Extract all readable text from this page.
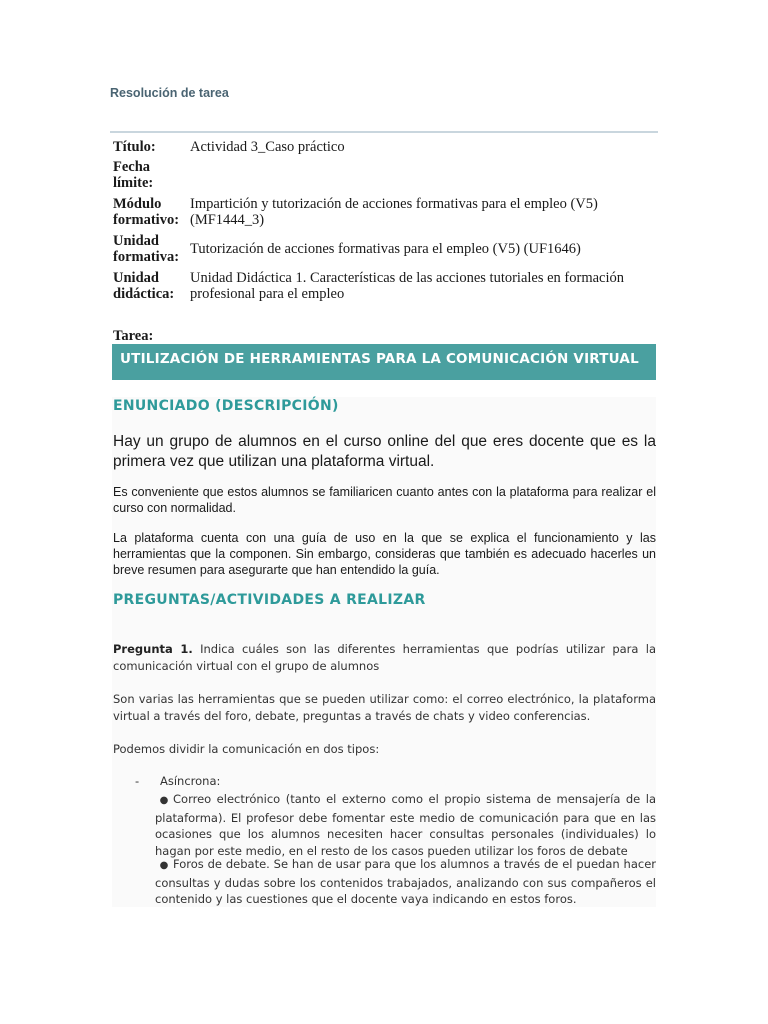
Resolución de tarea
Título:	Actividad 3_Caso práctico
Fecha límite:
Módulo formativo:
Impartición y tutorización de acciones formativas para el empleo (V5) (MF1444_3)
Unidad formativa: Tutorización de acciones formativas para el empleo (V5) (UF1646)
Unidad didáctica:
Unidad Didáctica 1. Características de las acciones tutoriales en formación profesional para el empleo
Tarea:
UTILIZACIÓN DE HERRAMIENTAS PARA LA COMUNICACIÓN VIRTUAL
ENUNCIADO (DESCRIPCIÓN)
Hay un grupo de alumnos en el curso online del que eres docente que es la primera vez que utilizan una plataforma virtual.
Es conveniente que estos alumnos se familiaricen cuanto antes con la plataforma para realizar el curso con normalidad.
La plataforma cuenta con una guía de uso en la que se explica el funcionamiento y las herramientas que la componen. Sin embargo, consideras que también es adecuado hacerles un breve resumen para asegurarte que han entendido la guía.
PREGUNTAS/ACTIVIDADES A REALIZAR
Pregunta 1. Indica cuáles son las diferentes herramientas que podrías utilizar para la comunicación virtual con el grupo de alumnos
Son varias las herramientas que se pueden utilizar como: el correo electrónico, la plataforma virtual a través del foro, debate, preguntas a través de chats y video conferencias.
Podemos dividir la comunicación en dos tipos:
- Asíncrona:
● Correo electrónico (tanto el externo como el propio sistema de mensajería de la plataforma). El profesor debe fomentar este medio de comunicación para que en las ocasiones que los alumnos necesiten hacer consultas personales (individuales) lo hagan por este medio, en el resto de los casos pueden utilizar los foros de debate
● Foros de debate. Se han de usar para que los alumnos a través de el puedan hacer consultas y dudas sobre los contenidos trabajados, analizando con sus compañeros el contenido y las cuestiones que el docente vaya indicando en estos foros.
